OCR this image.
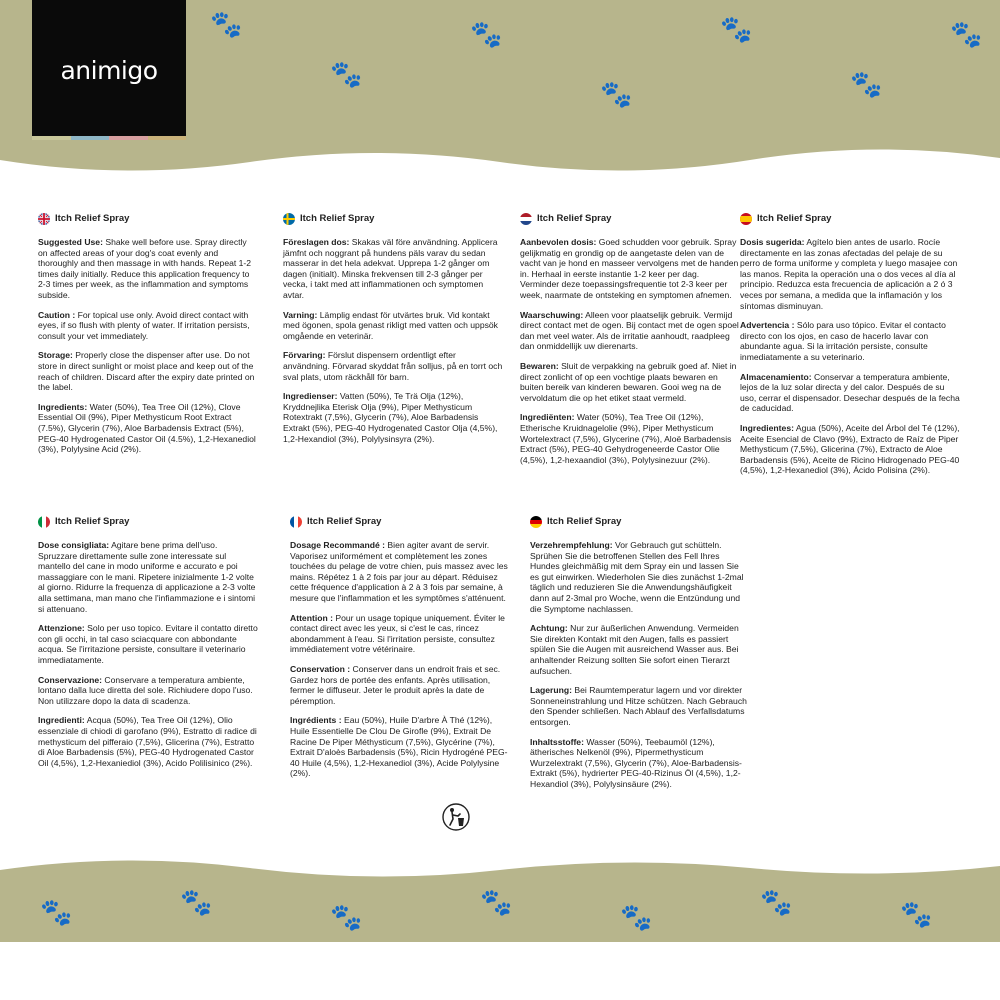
🐾
🐾
🐾
🐾
🐾
🐾
🐾
animigo
Itch Relief Spray

Suggested Use: Shake well before use. Spray directly on affected areas of your dog's coat evenly and thoroughly and then massage in with hands. Repeat 1-2 times daily initially. Reduce this application frequency to 2-3 times per week, as the inflammation and symptoms subside.

Caution : For topical use only. Avoid direct contact with eyes, if so flush with plenty of water. If irritation persists, consult your vet immediately.

Storage: Properly close the dispenser after use. Do not store in direct sunlight or moist place and keep out of the reach of children. Discard after the expiry date printed on the label.

Ingredients: Water (50%), Tea Tree Oil (12%), Clove Essential Oil (9%), Piper Methysticum Root Extract (7.5%), Glycerin (7%), Aloe Barbadensis Extract (5%), PEG-40 Hydrogenated Castor Oil (4.5%), 1,2-Hexanediol (3%), Polylysine Acid (2%).

Itch Relief Spray

Föreslagen dos: Skakas väl före användning. Applicera jämfnt och noggrant på hundens päls varav du sedan masserar in det hela adekvat. Upprepa 1-2 gånger om dagen (initialt). Minska frekvensen till 2-3 gånger per vecka, i takt med att inflammationen och symptomen avtar.

Varning: Lämplig endast för utvärtes bruk. Vid kontakt med ögonen, spola genast rikligt med vatten och uppsök omgående en veterinär.

Förvaring: Förslut dispensern ordentligt efter användning. Förvarad skyddat från solljus, på en torrt och sval plats, utom räckhåll för barn.

Ingredienser: Vatten (50%), Te Trä Olja (12%), Kryddnejlika Eterisk Olja (9%), Piper Methysticum Rotextrakt (7,5%), Glycerin (7%), Aloe Barbadensis Extrakt (5%), PEG-40 Hydrogenated Castor Olja (4,5%), 1,2-Hexandiol (3%), Polylysinsyra (2%).

Itch Relief Spray

Aanbevolen dosis: Goed schudden voor gebruik. Spray gelijkmatig en grondig op de aangetaste delen van de vacht van je hond en masseer vervolgens met de handen in. Herhaal in eerste instantie 1-2 keer per dag. Verminder deze toepassingsfrequentie tot 2-3 keer per week, naarmate de ontsteking en symptomen afnemen.

Waarschuwing: Alleen voor plaatselijk gebruik. Vermijd direct contact met de ogen. Bij contact met de ogen spoel dan met veel water. Als de irritatie aanhoudt, raadpleeg dan onmiddellijk uw dierenarts.

Bewaren: Sluit de verpakking na gebruik goed af. Niet in direct zonlicht of op een vochtige plaats bewaren en buiten bereik van kinderen bewaren. Gooi weg na de vervoldatum die op het etiket staat vermeld.

Ingrediënten: Water (50%), Tea Tree Oil (12%), Etherische Kruidnagelolie (9%), Piper Methysticum Wortelextract (7,5%), Glycerine (7%), Aloë Barbadensis Extract (5%), PEG-40 Gehydrogeneerde Castor Olie (4,5%), 1,2-hexaandiol (3%), Polylysinezuur (2%).

Itch Relief Spray

Dosis sugerida: Agítelo bien antes de usarlo. Rocíe directamente en las zonas afectadas del pelaje de su perro de forma uniforme y completa y luego masajee con las manos. Repita la operación una o dos veces al día al principio. Reduzca esta frecuencia de aplicación a 2 ó 3 veces por semana, a medida que la inflamación y los síntomas disminuyan.

Advertencia : Sólo para uso tópico. Evitar el contacto directo con los ojos, en caso de hacerlo lavar con abundante agua. Si la irritación persiste, consulte inmediatamente a su veterinario.

Almacenamiento: Conservar a temperatura ambiente, lejos de la luz solar directa y del calor. Después de su uso, cerrar el dispensador. Desechar después de la fecha de caducidad.

Ingredientes: Agua (50%), Aceite del Árbol del Té (12%), Aceite Esencial de Clavo (9%), Extracto de Raíz de Piper Methysticum (7,5%), Glicerina (7%), Extracto de Aloe Barbadensis (5%), Aceite de Ricino Hidrogenado PEG-40 (4,5%), 1,2-Hexanediol (3%), Ácido Polisina (2%).

Itch Relief Spray

Dose consigliata: Agitare bene prima dell'uso. Spruzzare direttamente sulle zone interessate sul mantello del cane in modo uniforme e accurato e poi massaggiare con le mani. Ripetere inizialmente 1-2 volte al giorno. Ridurre la frequenza di applicazione a 2-3 volte alla settimana, man mano che l'infiammazione e i sintomi si attenuano.

Attenzione: Solo per uso topico. Evitare il contatto diretto con gli occhi, in tal caso sciacquare con abbondante acqua. Se l'irritazione persiste, consultare il veterinario immediatamente.

Conservazione: Conservare a temperatura ambiente, lontano dalla luce diretta del sole. Richiudere dopo l'uso. Non utilizzare dopo la data di scadenza.

Ingredienti: Acqua (50%), Tea Tree Oil (12%), Olio essenziale di chiodi di garofano (9%), Estratto di radice di methysticum del pifferaio (7,5%), Glicerina (7%), Estratto di Aloe Barbadensis (5%), PEG-40 Hydrogenated Castor Oil (4,5%), 1,2-Hexaniediol (3%), Acido Polilisinico (2%).

Itch Relief Spray

Dosage Recommandé : Bien agiter avant de servir. Vaporisez uniformément et complètement les zones touchées du pelage de votre chien, puis massez avec les mains. Répétez 1 à 2 fois par jour au départ. Réduisez cette fréquence d'application à 2 à 3 fois par semaine, à mesure que l'inflammation et les symptômes s'atténuent.

Attention : Pour un usage topique uniquement. Éviter le contact direct avec les yeux, si c'est le cas, rincez abondamment à l'eau. Si l'irritation persiste, consultez immédiatement votre vétérinaire.

Conservation : Conserver dans un endroit frais et sec. Gardez hors de portée des enfants. Après utilisation, fermer le diffuseur. Jeter le produit après la date de péremption.

Ingrédients : Eau (50%), Huile D'arbre À Thé (12%), Huile Essentielle De Clou De Girofle (9%), Extrait De Racine De Piper Méthysticum (7,5%), Glycérine (7%), Extrait D'aloès Barbadensis (5%), Ricin Hydrogéné PEG-40 Huile (4,5%), 1,2-Hexanediol (3%), Acide Polylysine (2%).

Itch Relief Spray

Verzehrempfehlung: Vor Gebrauch gut schütteln. Sprühen Sie die betroffenen Stellen des Fell Ihres Hundes gleichmäßig mit dem Spray ein und lassen Sie es gut einwirken. Wiederholen Sie dies zunächst 1-2mal täglich und reduzieren Sie die Anwendungshäufigkeit dann auf 2-3mal pro Woche, wenn die Entzündung und die Symptome nachlassen.

Achtung: Nur zur äußerlichen Anwendung. Vermeiden Sie direkten Kontakt mit den Augen, falls es passiert spülen Sie die Augen mit ausreichend Wasser aus. Bei anhaltender Reizung sollten Sie sofort einen Tierarzt aufsuchen.

Lagerung: Bei Raumtemperatur lagern und vor direkter Sonneneinstrahlung und Hitze schützen. Nach Gebrauch den Spender schließen. Nach Ablauf des Verfallsdatums entsorgen.

Inhaltsstoffe: Wasser (50%), Teebaumöl (12%), ätherisches Nelkenöl (9%), Pipermethysticum Wurzelextrakt (7,5%), Glycerin (7%), Aloe-Barbadensis-Extrakt (5%), hydrierter PEG-40-Rizinus Öl (4,5%), 1,2-Hexandiol (3%), Polylysinsäure (2%).

🐾	🐾	🐾	🐾	🐾	🐾	🐾
